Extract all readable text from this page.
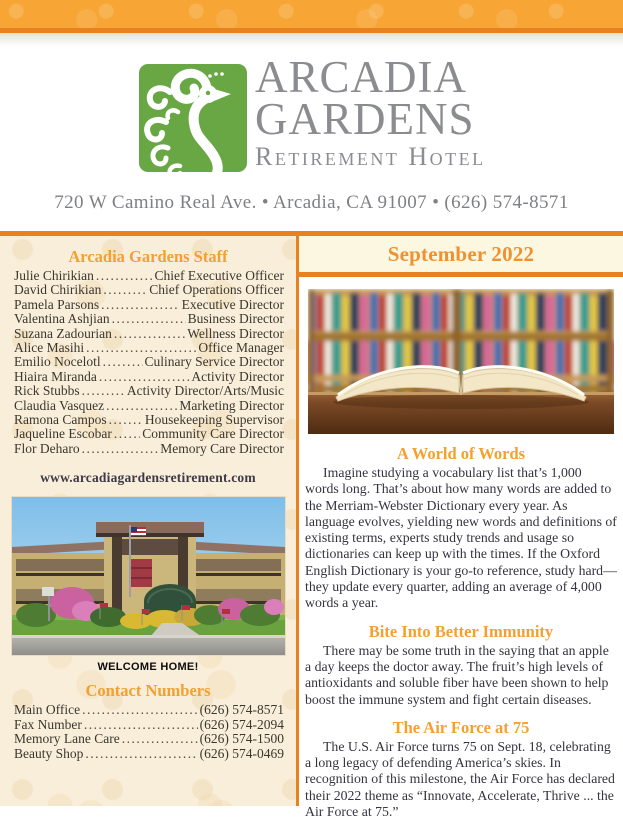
ARCADIA
GARDENS
Retirement Hotel
720 W Camino Real Ave. • Arcadia, CA 91007 • (626) 574-8571
Arcadia Gardens Staff
Julie Chirikian .....	Chief Executive Officer
David Chirikian .....	Chief Operations Officer
Pamela Parsons .....	Executive Director
Valentina Ashjian .....	Business Director
Suzana Zadourian .....	Wellness Director
Alice Masihi .....	Office Manager
Emilio Nocelotl .....	Culinary Service Director
Hiaira Miranda .....	Activity Director
Rick Stubbs .....	Activity Director/Arts/Music
Claudia Vasquez .....	Marketing Director
Ramona Campos .....	Housekeeping Supervisor
Jaqueline Escobar ..... Community Care Director
Flor Deharo .....	Memory Care Director
www.arcadiagardensretirement.com
WELCOME HOME!
Contact Numbers
Main Office .....	(626) 574-8571
Fax Number .....	(626) 574-2094
Memory Lane Care .....	(626) 574-1500
Beauty Shop .....	(626) 574-0469
September 2022
A World of Words

Imagine studying a vocabulary list that’s 1,000 words long. That’s about how many words are added to the Merriam-Webster Dictionary every year. As language evolves, yielding new words and definitions of existing terms, experts study trends and usage so dictionaries can keep up with the times. If the Oxford English Dictionary is your go-to reference, study hard—they update every quarter, adding an average of 4,000 words a year.

Bite Into Better Immunity

There may be some truth in the saying that an apple a day keeps the doctor away. The fruit’s high levels of antioxidants and soluble fiber have been shown to help boost the immune system and fight certain diseases.

The Air Force at 75

The U.S. Air Force turns 75 on Sept. 18, celebrating a long legacy of defending America’s skies. In recognition of this milestone, the Air Force has declared their 2022 theme as “Innovate, Accelerate, Thrive ... the Air Force at 75.”
